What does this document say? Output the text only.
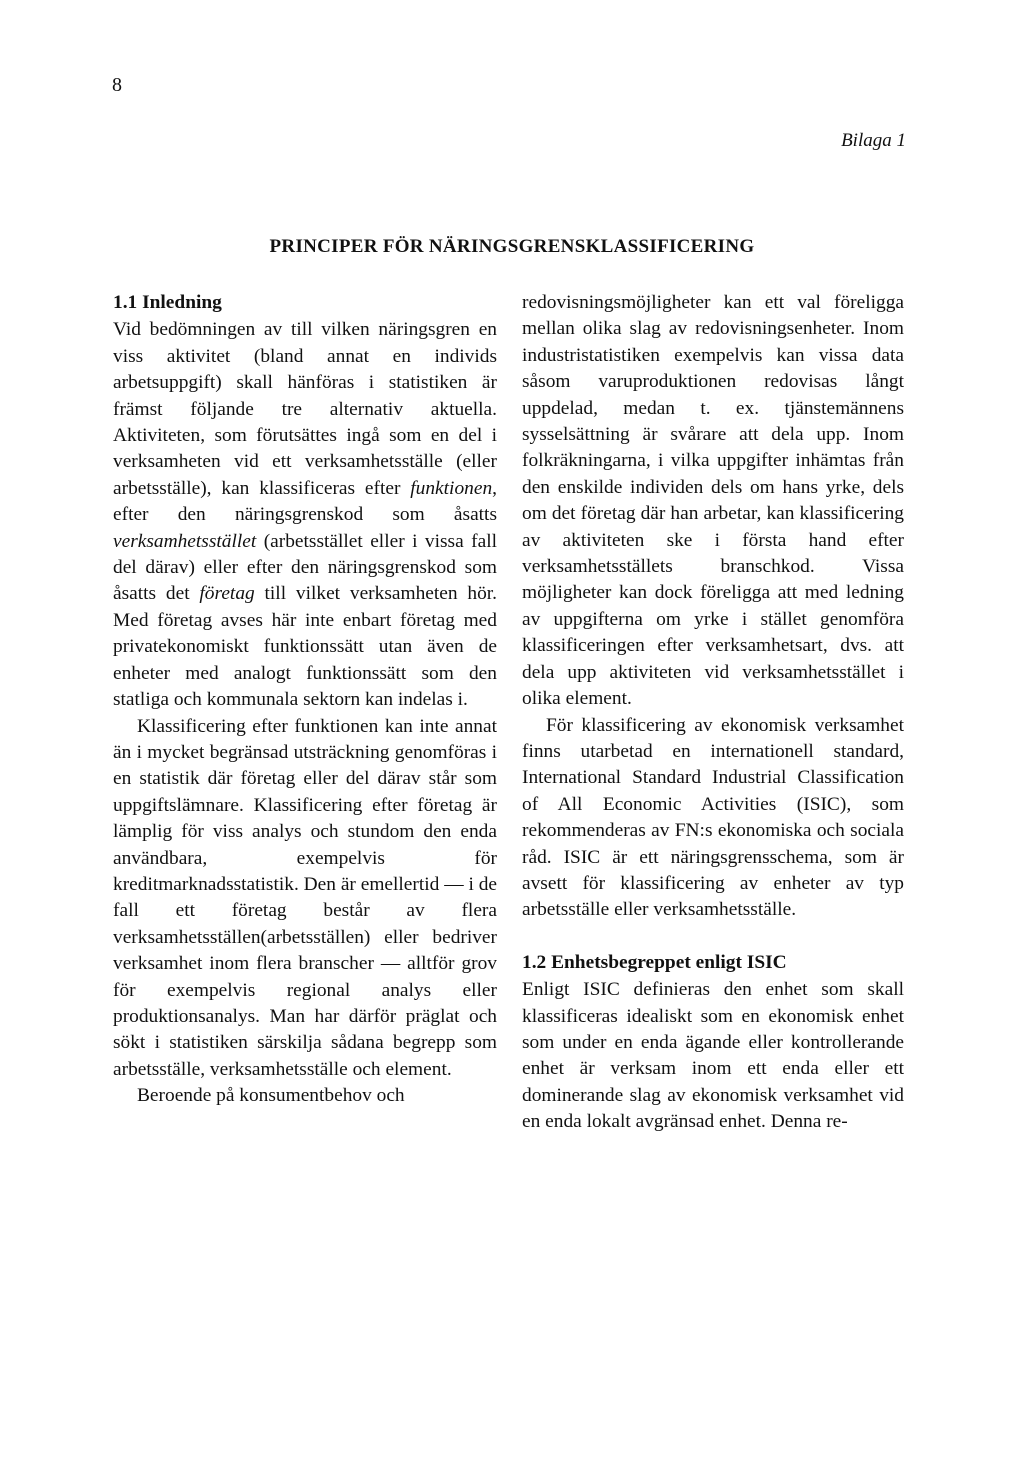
8
Bilaga 1
PRINCIPER FÖR NÄRINGSGRENSKLASSIFICERING
1.1 Inledning

Vid bedömningen av till vilken näringsgren en viss aktivitet (bland annat en individs arbetsuppgift) skall hänföras i statistiken är främst följande tre alternativ aktuella. Aktiviteten, som förutsättes ingå som en del i verksamheten vid ett verksamhetsställe (eller arbetsställe), kan klassificeras efter funktionen, efter den näringsgrenskod som åsatts verksamhetsstället (arbetsstället eller i vissa fall del därav) eller efter den näringsgrenskod som åsatts det företag till vilket verksamheten hör. Med företag avses här inte enbart företag med privatekonomiskt funktionssätt utan även de enheter med analogt funktionssätt som den statliga och kommunala sektorn kan indelas i.

Klassificering efter funktionen kan inte annat än i mycket begränsad utsträckning genomföras i en statistik där företag eller del därav står som uppgiftslämnare. Klassificering efter företag är lämplig för viss analys och stundom den enda användbara, exempelvis för kreditmarknadsstatistik. Den är emellertid — i de fall ett företag består av flera verksamhetsställen(arbetsställen) eller bedriver verksamhet inom flera branscher — alltför grov för exempelvis regional analys eller produktionsanalys. Man har därför präglat och sökt i statistiken särskilja sådana begrepp som arbetsställe, verksamhetsställe och element.

Beroende på konsumentbehov och

redovisningsmöjligheter kan ett val föreligga mellan olika slag av redovisningsenheter. Inom industristatistiken exempelvis kan vissa data såsom varuproduktionen redovisas långt uppdelad, medan t. ex. tjänstemännens sysselsättning är svårare att dela upp. Inom folkräkningarna, i vilka uppgifter inhämtas från den enskilde individen dels om hans yrke, dels om det företag där han arbetar, kan klassificering av aktiviteten ske i första hand efter verksamhetsställets branschkod. Vissa möjligheter kan dock föreligga att med ledning av uppgifterna om yrke i stället genomföra klassificeringen efter verksamhetsart, dvs. att dela upp aktiviteten vid verksamhetsstället i olika element.

För klassificering av ekonomisk verksamhet finns utarbetad en internationell standard, International Standard Industrial Classification of All Economic Activities (ISIC), som rekommenderas av FN:s ekonomiska och sociala råd. ISIC är ett näringsgrensschema, som är avsett för klassificering av enheter av typ arbetsställe eller verksamhetsställe.

1.2 Enhetsbegreppet enligt ISIC

Enligt ISIC definieras den enhet som skall klassificeras idealiskt som en ekonomisk enhet som under en enda ägande eller kontrollerande enhet är verksam inom ett enda eller ett dominerande slag av ekonomisk verksamhet vid en enda lokalt avgränsad enhet. Denna re-
